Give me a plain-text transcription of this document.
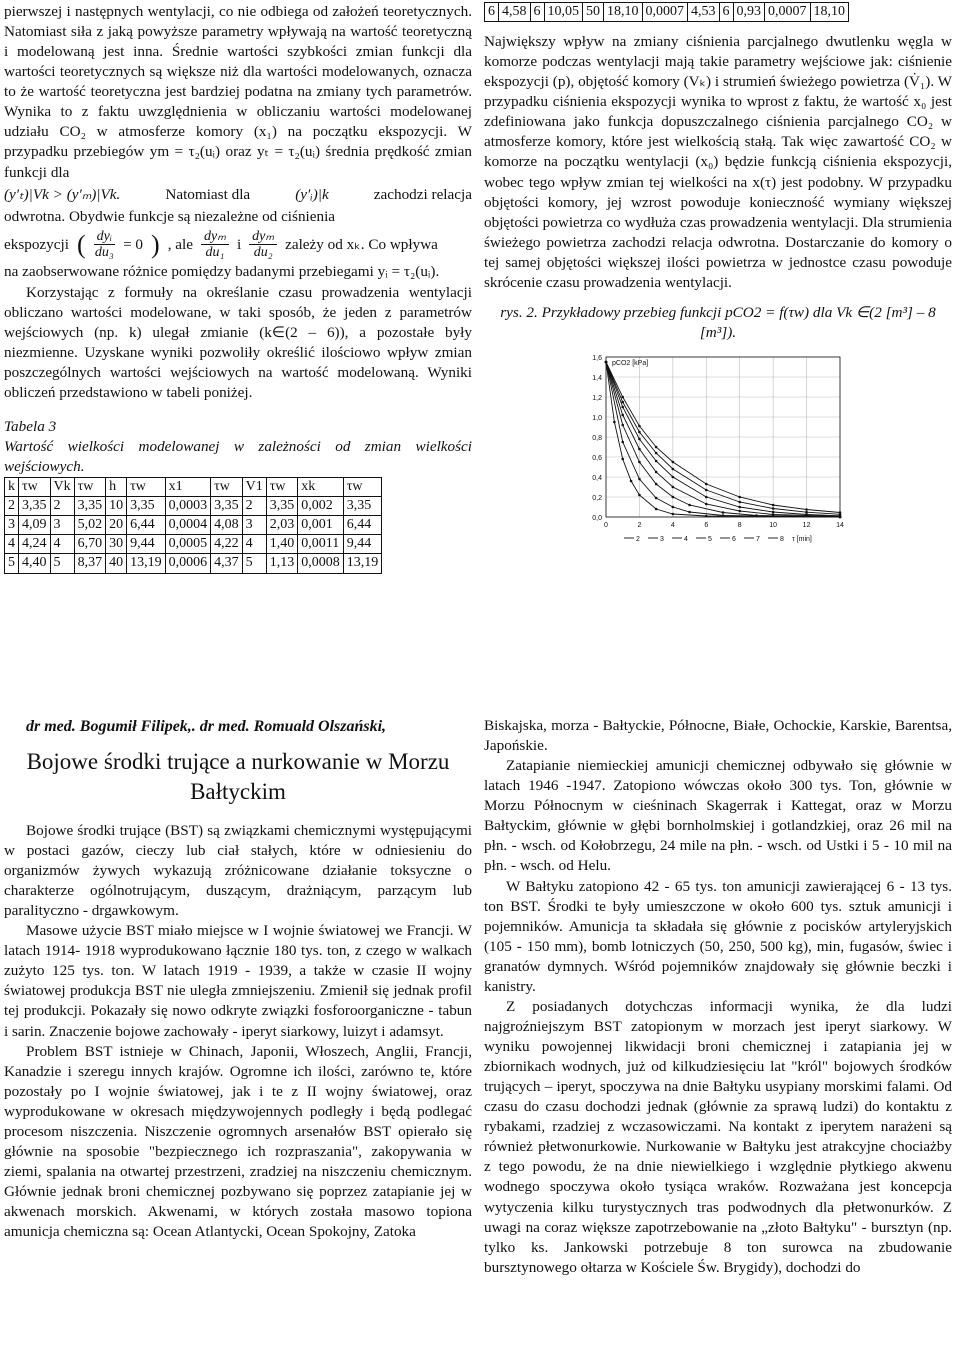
pierwszej i następnych wentylacji, co nie odbiega od założeń teoretycznych. Natomiast siła z jaką powyższe parametry wpływają na wartość teoretyczną i modelowaną jest inna. Średnie wartości szybkości zmian funkcji dla wartości teoretycznych są większe niż dla wartości modelowanych, oznacza to że wartość teoretyczna jest bardziej podatna na zmiany tych parametrów. Wynika to z faktu uwzględnienia w obliczaniu wartości modelowanej udziału CO₂ w atmosferze komory (x₁) na początku ekspozycji. W przypadku przebiegów ym = τ₂(uᵢ) oraz yₜ = τ₂(uᵢ) średnia prędkość zmian funkcji dla

(y′ₜ)|Vk > (y′ₘ)|Vk.	Natomiast dla	(y′ᵢ)|k	zachodzi relacja

odwrotna. Obydwie funkcje są niezależne od ciśnienia

ekspozycji ( $\frac{\text{dyᵢ}}{\text{du₃}} = 0$ ) , ale $\frac{\text{dyₘ}}{\text{du₁}}$ i $\frac{\text{dyₘ}}{\text{du₂}}$ zależy od xₖ. Co wpływa

na zaobserwowane różnice pomiędzy badanymi przebiegami yᵢ = τ₂(uᵢ).

Korzystając z formuły na określanie czasu prowadzenia wentylacji obliczano wartości modelowane, w taki sposób, że jeden z parametrów wejściowych (np. k) ulegał zmianie (k∈(2 – 6)), a pozostałe były niezmienne. Uzyskane wyniki pozwoliły określić ilościowo wpływ zmian poszczególnych wartości wejściowych na wartość modelowaną. Wyniki obliczeń przedstawiono w tabeli poniżej.

Tabela 3

Wartość wielkości modelowanej w zależności od zmian wielkości wejściowych.

k	τw	Vk	τw	h	τw	x1	τw	V1	τw	xk	τw
2	3,35	2	3,35	10	3,35	0,0003	3,35	2	3,35	0,002	3,35
3	4,09	3	5,02	20	6,44	0,0004	4,08	3	2,03	0,001	6,44
4	4,24	4	6,70	30	9,44	0,0005	4,22	4	1,40	0,0011	9,44
5	4,40	5	8,37	40	13,19	0,0006	4,37	5	1,13	0,0008	13,19
6	4,58	6	10,05	50	18,10	0,0007	4,53	6	0,93	0,0007	18,10

Największy wpływ na zmiany ciśnienia parcjalnego dwutlenku węgla w komorze podczas wentylacji mają takie parametry wejściowe jak: ciśnienie ekspozycji (p), objętość komory (Vₖ) i strumień świeżego powietrza (V̇₁). W przypadku ciśnienia ekspozycji wynika to wprost z faktu, że wartość x₀ jest zdefiniowana jako funkcja dopuszczalnego ciśnienia parcjalnego CO₂ w atmosferze komory, które jest wielkością stałą. Tak więc zawartość CO₂ w komorze na początku wentylacji (x₀) będzie funkcją ciśnienia ekspozycji, wobec tego wpływ zmian tej wielkości na x(τ) jest podobny. W przypadku objętości komory, jej wzrost powoduje konieczność wymiany większej objętości powietrza co wydłuża czas prowadzenia wentylacji. Dla strumienia świeżego powietrza zachodzi relacja odwrotna. Dostarczanie do komory o tej samej objętości większej ilości powietrza w jednostce czasu powoduje skrócenie czasu prowadzenia wentylacji.

rys. 2. Przykładowy przebieg funkcji pCO2 = f(τw) dla Vk ∈(2 [m³] – 8 [m³]).

0,0
0,2
0,4
0,6
0,8
1,0
1,2
1,4
1,6
0	2	4	6	8	10	12	14
pCO2 [kPa]
2	3	4	5	6	7	8 τ [min]

dr med. Bogumił Filipek,. dr med. Romuald Olszański,

Bojowe środki trujące a nurkowanie w Morzu Bałtyckim

Bojowe środki trujące (BST) są związkami chemicznymi występującymi w postaci gazów, cieczy lub ciał stałych, które w odniesieniu do organizmów żywych wykazują zróżnicowane działanie toksyczne o charakterze ogólnotrującym, duszącym, drażniącym, parzącym lub paralityczno - drgawkowym.

Masowe użycie BST miało miejsce w I wojnie światowej we Francji. W latach 1914- 1918 wyprodukowano łącznie 180 tys. ton, z czego w walkach zużyto 125 tys. ton. W latach 1919 - 1939, a także w czasie II wojny światowej produkcja BST nie uległa zmniejszeniu. Zmienił się jednak profil tej produkcji. Pokazały się nowo odkryte związki fosforoorganiczne - tabun i sarin. Znaczenie bojowe zachowały - iperyt siarkowy, luizyt i adamsyt.

Problem BST istnieje w Chinach, Japonii, Włoszech, Anglii, Francji, Kanadzie i szeregu innych krajów. Ogromne ich ilości, zarówno te, które pozostały po I wojnie światowej, jak i te z II wojny światowej, oraz wyprodukowane w okresach międzywojennych podległy i będą podlegać procesom niszczenia. Niszczenie ogromnych arsenałów BST opierało się głównie na sposobie "bezpiecznego ich rozpraszania", zakopywania w ziemi, spalania na otwartej przestrzeni, zradziej na niszczeniu chemicznym. Głównie jednak broni chemicznej pozbywano się poprzez zatapianie jej w akwenach morskich. Akwenami, w których została masowo topiona amunicja chemiczna są: Ocean Atlantycki, Ocean Spokojny, Zatoka

Biskajska, morza - Bałtyckie, Północne, Białe, Ochockie, Karskie, Barentsa, Japońskie.

Zatapianie niemieckiej amunicji chemicznej odbywało się głównie w latach 1946 -1947. Zatopiono wówczas około 300 tys. Ton, głównie w Morzu Północnym w cieśninach Skagerrak i Kattegat, oraz w Morzu Bałtyckim, głównie w głębi bornholmskiej i gotlandzkiej, oraz 26 mil na płn. - wsch. od Kołobrzegu, 24 mile na płn. - wsch. od Ustki i 5 - 10 mil na płn. - wsch. od Helu.

W Bałtyku zatopiono 42 - 65 tys. ton amunicji zawierającej 6 - 13 tys. ton BST. Środki te były umieszczone w około 600 tys. sztuk amunicji i pojemników. Amunicja ta składała się głównie z pocisków artyleryjskich (105 - 150 mm), bomb lotniczych (50, 250, 500 kg), min, fugasów, świec i granatów dymnych. Wśród pojemników znajdowały się głównie beczki i kanistry.

Z posiadanych dotychczas informacji wynika, że dla ludzi najgroźniejszym BST zatopionym w morzach jest iperyt siarkowy. W wyniku powojennej likwidacji broni chemicznej i zatapiania jej w zbiornikach wodnych, już od kilkudziesięciu lat "król" bojowych środków trujących – iperyt, spoczywa na dnie Bałtyku usypiany morskimi falami. Od czasu do czasu dochodzi jednak (głównie za sprawą ludzi) do kontaktu z rybakami, rzadziej z wczasowiczami. Na kontakt z iperytem narażeni są również płetwonurkowie. Nurkowanie w Bałtyku jest atrakcyjne chociażby z tego powodu, że na dnie niewielkiego i względnie płytkiego akwenu wodnego spoczywa około tysiąca wraków. Rozważana jest koncepcja wytyczenia kilku turystycznych tras podwodnych dla płetwonurków. Z uwagi na coraz większe zapotrzebowanie na „złoto Bałtyku" - bursztyn (np. tylko ks. Jankowski potrzebuje 8 ton surowca na zbudowanie bursztynowego ołtarza w Kościele Św. Brygidy), dochodzi do
